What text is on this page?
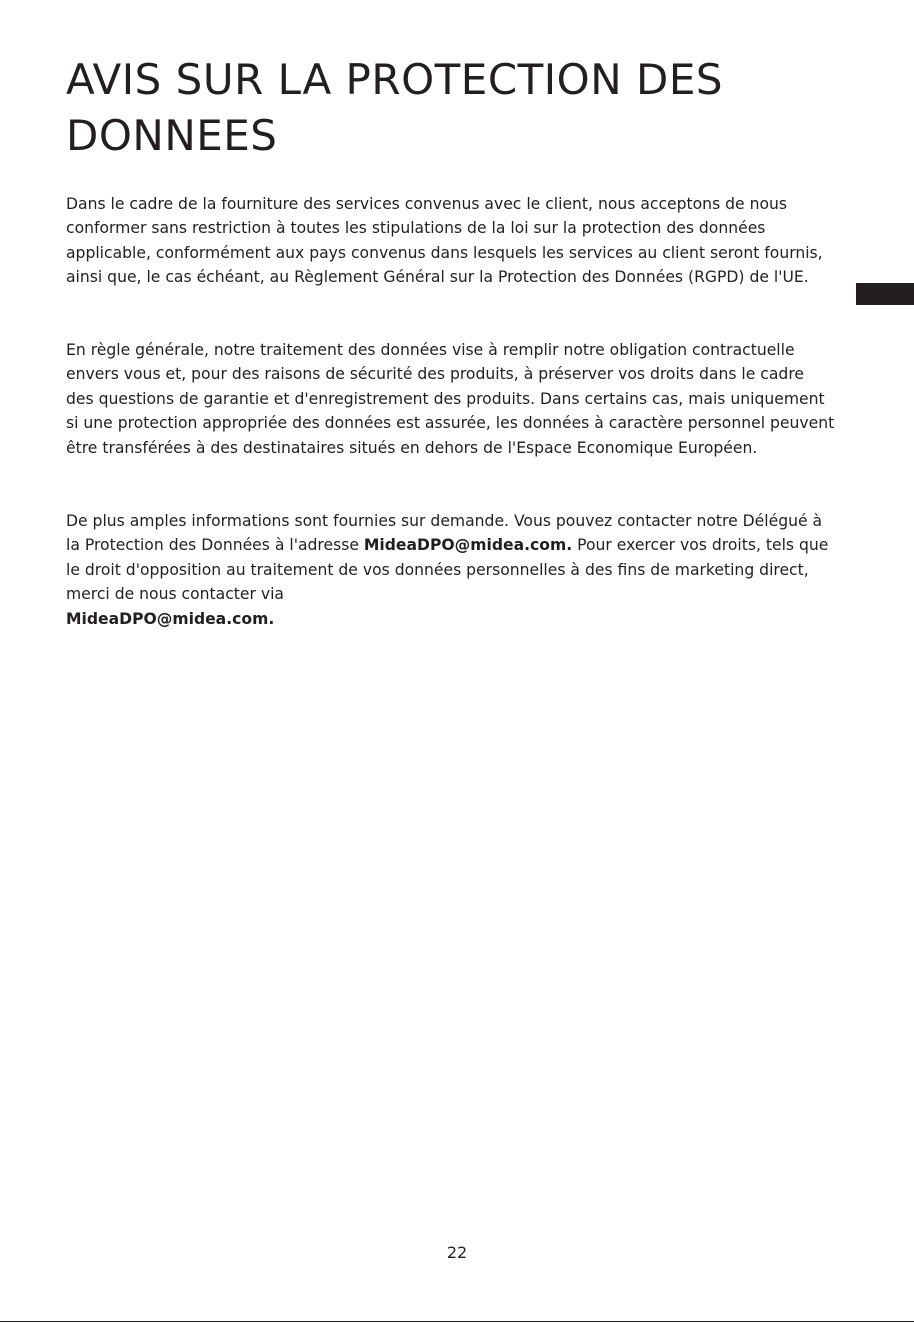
AVIS SUR LA PROTECTION DES DONNEES

Dans le cadre de la fourniture des services convenus avec le client, nous acceptons de nous conformer sans restriction à toutes les stipulations de la loi sur la protection des données applicable, conformément aux pays convenus dans lesquels les services au client seront fournis, ainsi que, le cas échéant, au Règlement Général sur la Protection des Données (RGPD) de l'UE.

En règle générale, notre traitement des données vise à remplir notre obligation contractuelle envers vous et, pour des raisons de sécurité des produits, à préserver vos droits dans le cadre des questions de garantie et d'enregistrement des produits. Dans certains cas, mais uniquement si une protection appropriée des données est assurée, les données à caractère personnel peuvent être transférées à des destinataires situés en dehors de l'Espace Economique Européen.

De plus amples informations sont fournies sur demande. Vous pouvez contacter notre Délégué à la Protection des Données à l'adresse MideaDPO@midea.com. Pour exercer vos droits, tels que le droit d'opposition au traitement de vos données personnelles à des fins de marketing direct, merci de nous contacter via
MideaDPO@midea.com.

22
